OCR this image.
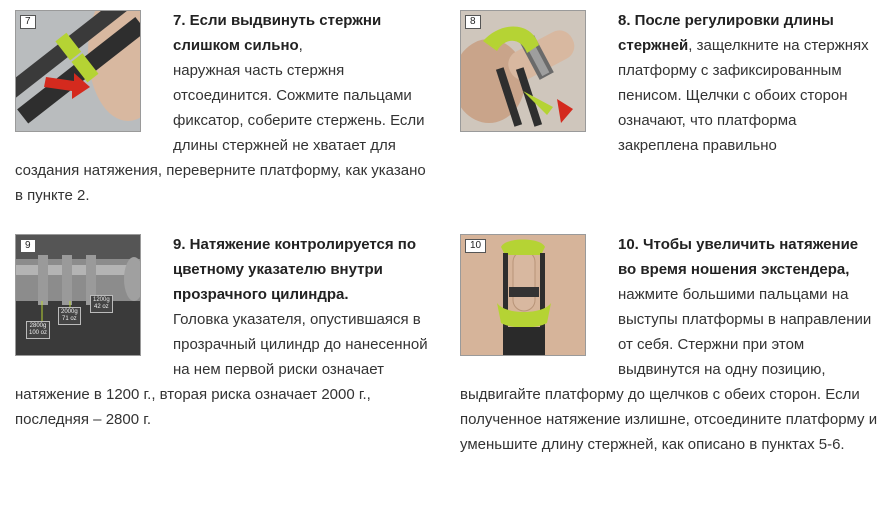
7	7. Если выдвинуть стержни слишком сильно,
наружная часть стержня отсоединится. Сожмите пальцами фиксатор, соберите стержень. Если длины стержней не хватает для создания натяжения, переверните платформу, как указано в пункте 2.

8	8. После регулировки длины стержней, защелкните на стержнях платформу с зафиксированным пенисом. Щелчки с обоих сторон означают, что платформа закреплена правильно

9
2800g
100 oz
2000g
71 oz
1200g
42 oz

9. Натяжение контролируется по цветному указателю внутри прозрачного цилиндра.
Головка указателя, опустившаяся в прозрачный цилиндр до нанесенной на нем первой риски означает натяжение в 1200 г., вторая риска означает 2000 г., последняя – 2800 г.

10	10. Чтобы увеличить натяжение во время ношения экстендера,
нажмите большими пальцами на выступы платформы в направлении от себя. Стержни при этом выдвинутся на одну позицию, выдвигайте платформу до щелчков с обеих сторон. Если полученное натяжение излишне, отсоедините платформу и уменьшите длину стержней, как описано в пунктах 5-6.
